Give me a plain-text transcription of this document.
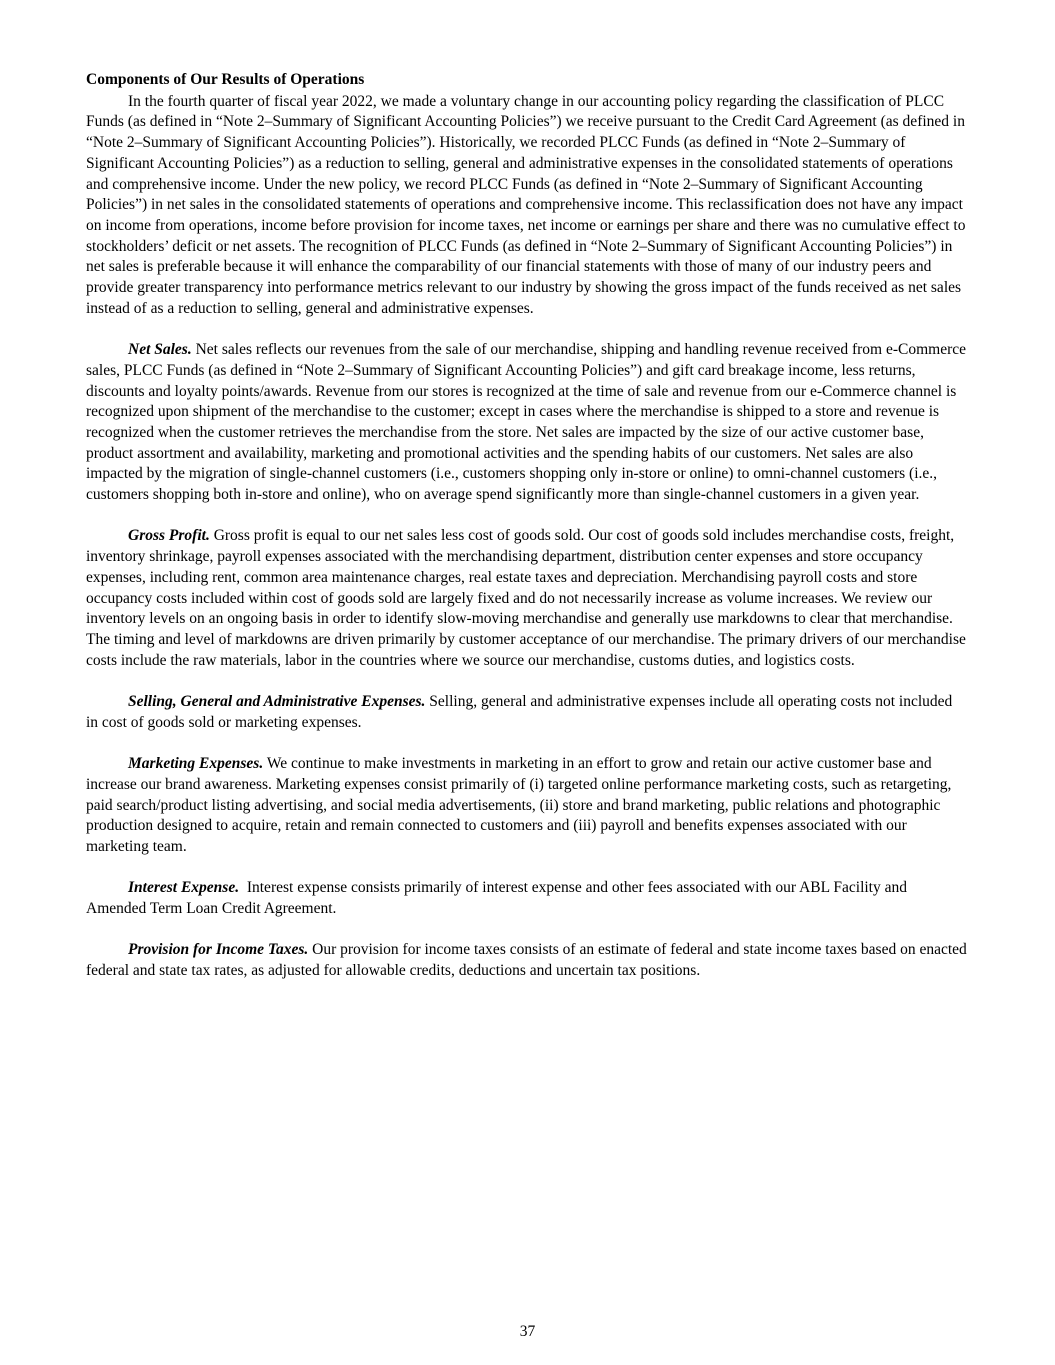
Components of Our Results of Operations

In the fourth quarter of fiscal year 2022, we made a voluntary change in our accounting policy regarding the classification of PLCC Funds (as defined in “Note 2–Summary of Significant Accounting Policies”) we receive pursuant to the Credit Card Agreement (as defined in “Note 2–Summary of Significant Accounting Policies”). Historically, we recorded PLCC Funds (as defined in “Note 2–Summary of Significant Accounting Policies”) as a reduction to selling, general and administrative expenses in the consolidated statements of operations and comprehensive income. Under the new policy, we record PLCC Funds (as defined in “Note 2–Summary of Significant Accounting Policies”) in net sales in the consolidated statements of operations and comprehensive income. This reclassification does not have any impact on income from operations, income before provision for income taxes, net income or earnings per share and there was no cumulative effect to stockholders’ deficit or net assets. The recognition of PLCC Funds (as defined in “Note 2–Summary of Significant Accounting Policies”) in net sales is preferable because it will enhance the comparability of our financial statements with those of many of our industry peers and provide greater transparency into performance metrics relevant to our industry by showing the gross impact of the funds received as net sales instead of as a reduction to selling, general and administrative expenses.

Net Sales. Net sales reflects our revenues from the sale of our merchandise, shipping and handling revenue received from e-Commerce sales, PLCC Funds (as defined in “Note 2–Summary of Significant Accounting Policies”) and gift card breakage income, less returns, discounts and loyalty points/awards. Revenue from our stores is recognized at the time of sale and revenue from our e-Commerce channel is recognized upon shipment of the merchandise to the customer; except in cases where the merchandise is shipped to a store and revenue is recognized when the customer retrieves the merchandise from the store. Net sales are impacted by the size of our active customer base, product assortment and availability, marketing and promotional activities and the spending habits of our customers. Net sales are also impacted by the migration of single-channel customers (i.e., customers shopping only in-store or online) to omni-channel customers (i.e., customers shopping both in-store and online), who on average spend significantly more than single-channel customers in a given year.

Gross Profit. Gross profit is equal to our net sales less cost of goods sold. Our cost of goods sold includes merchandise costs, freight, inventory shrinkage, payroll expenses associated with the merchandising department, distribution center expenses and store occupancy expenses, including rent, common area maintenance charges, real estate taxes and depreciation. Merchandising payroll costs and store occupancy costs included within cost of goods sold are largely fixed and do not necessarily increase as volume increases. We review our inventory levels on an ongoing basis in order to identify slow-moving merchandise and generally use markdowns to clear that merchandise. The timing and level of markdowns are driven primarily by customer acceptance of our merchandise. The primary drivers of our merchandise costs include the raw materials, labor in the countries where we source our merchandise, customs duties, and logistics costs.

Selling, General and Administrative Expenses. Selling, general and administrative expenses include all operating costs not included in cost of goods sold or marketing expenses.

Marketing Expenses. We continue to make investments in marketing in an effort to grow and retain our active customer base and increase our brand awareness. Marketing expenses consist primarily of (i) targeted online performance marketing costs, such as retargeting, paid search/product listing advertising, and social media advertisements, (ii) store and brand marketing, public relations and photographic production designed to acquire, retain and remain connected to customers and (iii) payroll and benefits expenses associated with our marketing team.

Interest Expense.  Interest expense consists primarily of interest expense and other fees associated with our ABL Facility and Amended Term Loan Credit Agreement.

Provision for Income Taxes. Our provision for income taxes consists of an estimate of federal and state income taxes based on enacted federal and state tax rates, as adjusted for allowable credits, deductions and uncertain tax positions.

37
